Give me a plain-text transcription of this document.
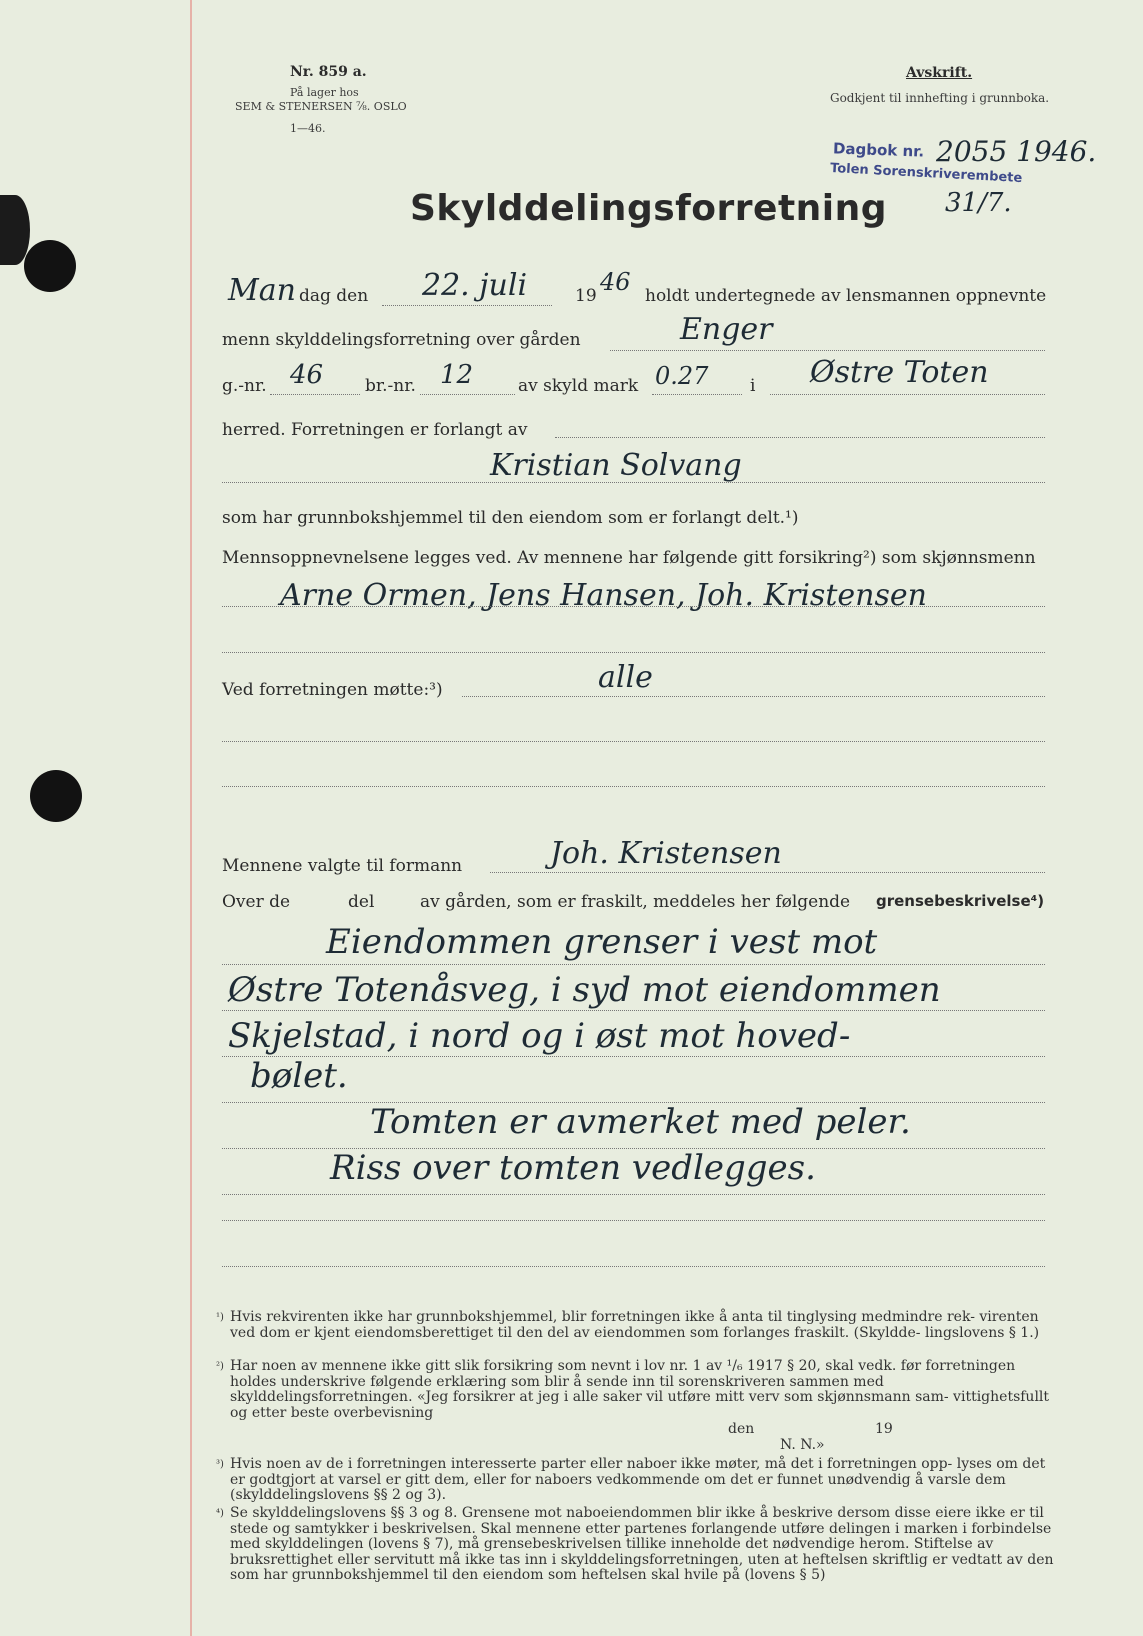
Nr. 859 a.
På lager hos
SEM & STENERSEN ⅞. OSLO
1—46.
Avskrift.
Godkjent til innhefting i grunnboka.
Dagbok nr.
Tolen Sorenskriverembete
2055 1946.
31/7.
Skylddelingsforretning
Man dag den 22. juli	19 46 holdt undertegnede av lensmannen oppnevnte
menn skylddelingsforretning over gården	Enger
g.-nr. 46 br.-nr. 12	av skyld mark 0.27 i Østre Toten
herred. Forretningen er forlangt av
Kristian Solvang
som har grunnbokshjemmel til den eiendom som er forlangt delt.¹)
Mennsoppnevnelsene legges ved. Av mennene har følgende gitt forsikring²) som skjønnsmenn
Arne Ormen, Jens Hansen, Joh. Kristensen
Ved forretningen møtte:³)	alle
Mennene valgte til formann	Joh. Kristensen
Over de	del	av gården, som er fraskilt, meddeles her følgende grensebeskrivelse⁴)
Eiendommen grenser i vest mot
Østre Totenåsveg, i syd mot eiendommen
Skjelstad, i nord og i øst mot hoved-
bølet.
Tomten er avmerket med peler.
Riss over tomten vedlegges.
¹) Hvis rekvirenten ikke har grunnbokshjemmel, blir forretningen ikke å anta til tinglysing medmindre rek- virenten ved dom er kjent eiendomsberettiget til den del av eiendommen som forlanges fraskilt. (Skyldde- lingslovens § 1.)
²) Har noen av mennene ikke gitt slik forsikring som nevnt i lov nr. 1 av ¹/₆ 1917 § 20, skal vedk. før forretningen holdes underskrive følgende erklæring som blir å sende inn til sorenskriveren sammen med skylddelingsforretningen. «Jeg forsikrer at jeg i alle saker vil utføre mitt verv som skjønnsmann sam- vittighetsfullt og etter beste overbevisning
den	19
N. N.»
³) Hvis noen av de i forretningen interesserte parter eller naboer ikke møter, må det i forretningen opp- lyses om det er godtgjort at varsel er gitt dem, eller for naboers vedkommende om det er funnet unødvendig å varsle dem (skylddelingslovens §§ 2 og 3).
⁴) Se skylddelingslovens §§ 3 og 8. Grensene mot naboeiendommen blir ikke å beskrive dersom disse eiere ikke er til stede og samtykker i beskrivelsen. Skal mennene etter partenes forlangende utføre delingen i marken i forbindelse med skylddelingen (lovens § 7), må grensebeskrivelsen tillike inneholde det nødvendige herom. Stiftelse av bruksrettighet eller servitutt må ikke tas inn i skylddelingsforretningen, uten at heftelsen skriftlig er vedtatt av den som har grunnbokshjemmel til den eiendom som heftelsen skal hvile på (lovens § 5)
